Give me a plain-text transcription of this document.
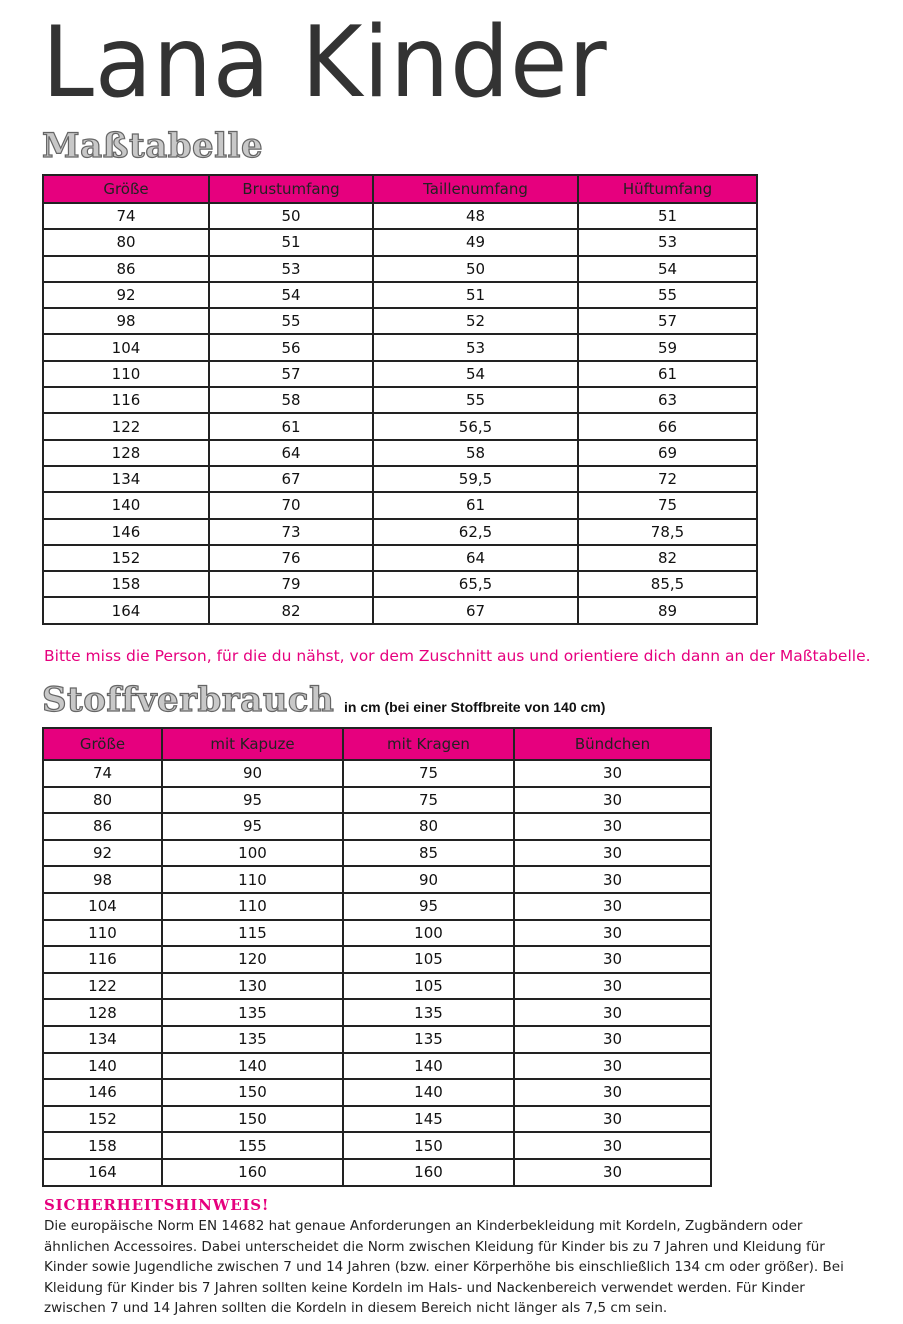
Lana Kinder
Maßtabelle
Größe	Brustumfang	Taillenumfang	Hüftumfang
74	50	48	51
80	51	49	53
86	53	50	54
92	54	51	55
98	55	52	57
104	56	53	59
110	57	54	61
116	58	55	63
122	61	56,5	66
128	64	58	69
134	67	59,5	72
140	70	61	75
146	73	62,5	78,5
152	76	64	82
158	79	65,5	85,5
164	82	67	89

Bitte miss die Person, für die du nähst, vor dem Zuschnitt aus und orientiere dich dann an der Maßtabelle.

Stoffverbrauch in cm (bei einer Stoffbreite von 140 cm)
Größe	mit Kapuze	mit Kragen	Bündchen
74	90	75	30
80	95	75	30
86	95	80	30
92	100	85	30
98	110	90	30
104	110	95	30
110	115	100	30
116	120	105	30
122	130	105	30
128	135	135	30
134	135	135	30
140	140	140	30
146	150	140	30
152	150	145	30
158	155	150	30
164	160	160	30
SICHERHEITSHINWEIS!

Die europäische Norm EN 14682 hat genaue Anforderungen an Kinderbekleidung mit Kordeln, Zugbändern oder ähnlichen Accessoires. Dabei unterscheidet die Norm zwischen Kleidung für Kinder bis zu 7 Jahren und Kleidung für Kinder sowie Jugendliche zwischen 7 und 14 Jahren (bzw. einer Körperhöhe bis einschließlich 134 cm oder größer). Bei Kleidung für Kinder bis 7 Jahren sollten keine Kordeln im Hals- und Nackenbereich verwendet werden. Für Kinder zwischen 7 und 14 Jahren sollten die Kordeln in diesem Bereich nicht länger als 7,5 cm sein.
